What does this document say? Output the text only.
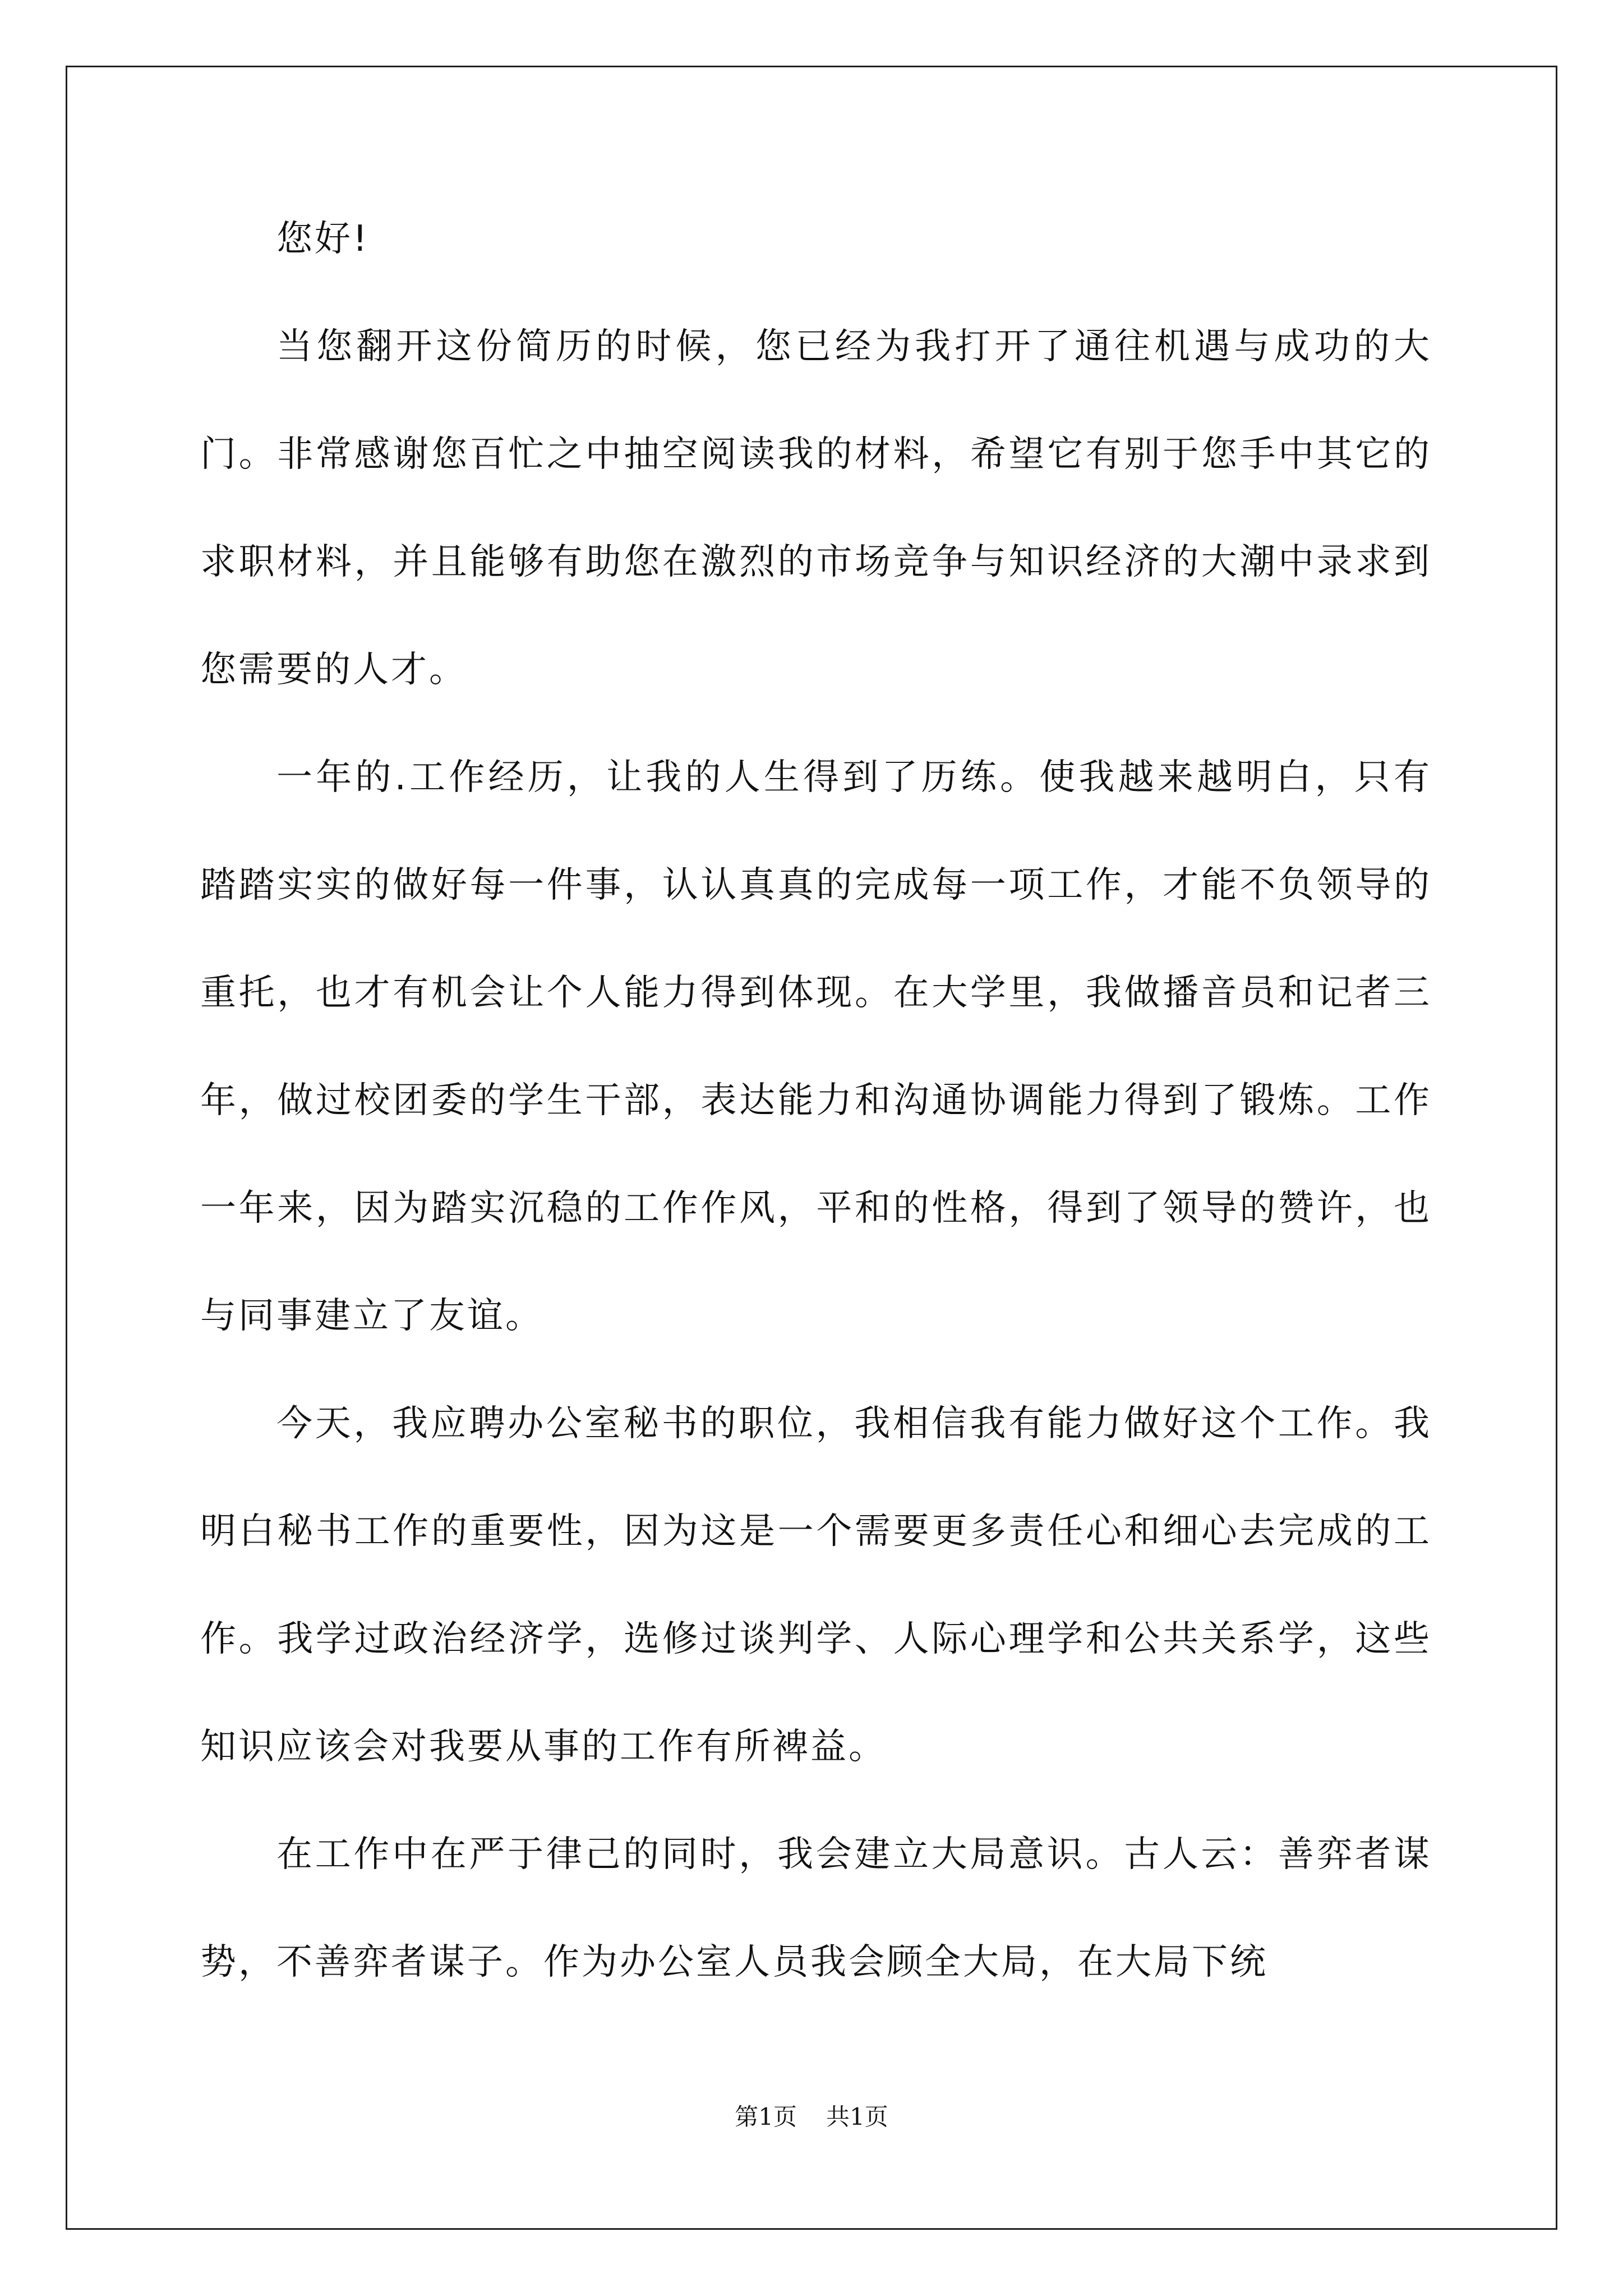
您好!

当您翻开这份简历的时候，您已经为我打开了通往机遇与成功的大门。非常感谢您百忙之中抽空阅读我的材料，希望它有别于您手中其它的求职材料，并且能够有助您在激烈的市场竞争与知识经济的大潮中录求到您需要的人才。

一年的.工作经历，让我的人生得到了历练。使我越来越明白，只有踏踏实实的做好每一件事，认认真真的完成每一项工作，才能不负领导的重托，也才有机会让个人能力得到体现。在大学里，我做播音员和记者三年，做过校团委的学生干部，表达能力和沟通协调能力得到了锻炼。工作一年来，因为踏实沉稳的工作作风，平和的性格，得到了领导的赞许，也与同事建立了友谊。

今天，我应聘办公室秘书的职位，我相信我有能力做好这个工作。我明白秘书工作的重要性，因为这是一个需要更多责任心和细心去完成的工作。我学过政治经济学，选修过谈判学、人际心理学和公共关系学，这些知识应该会对我要从事的工作有所裨益。

在工作中在严于律己的同时，我会建立大局意识。古人云：善弈者谋势，不善弈者谋子。作为办公室人员我会顾全大局，在大局下统

第1页 共1页
